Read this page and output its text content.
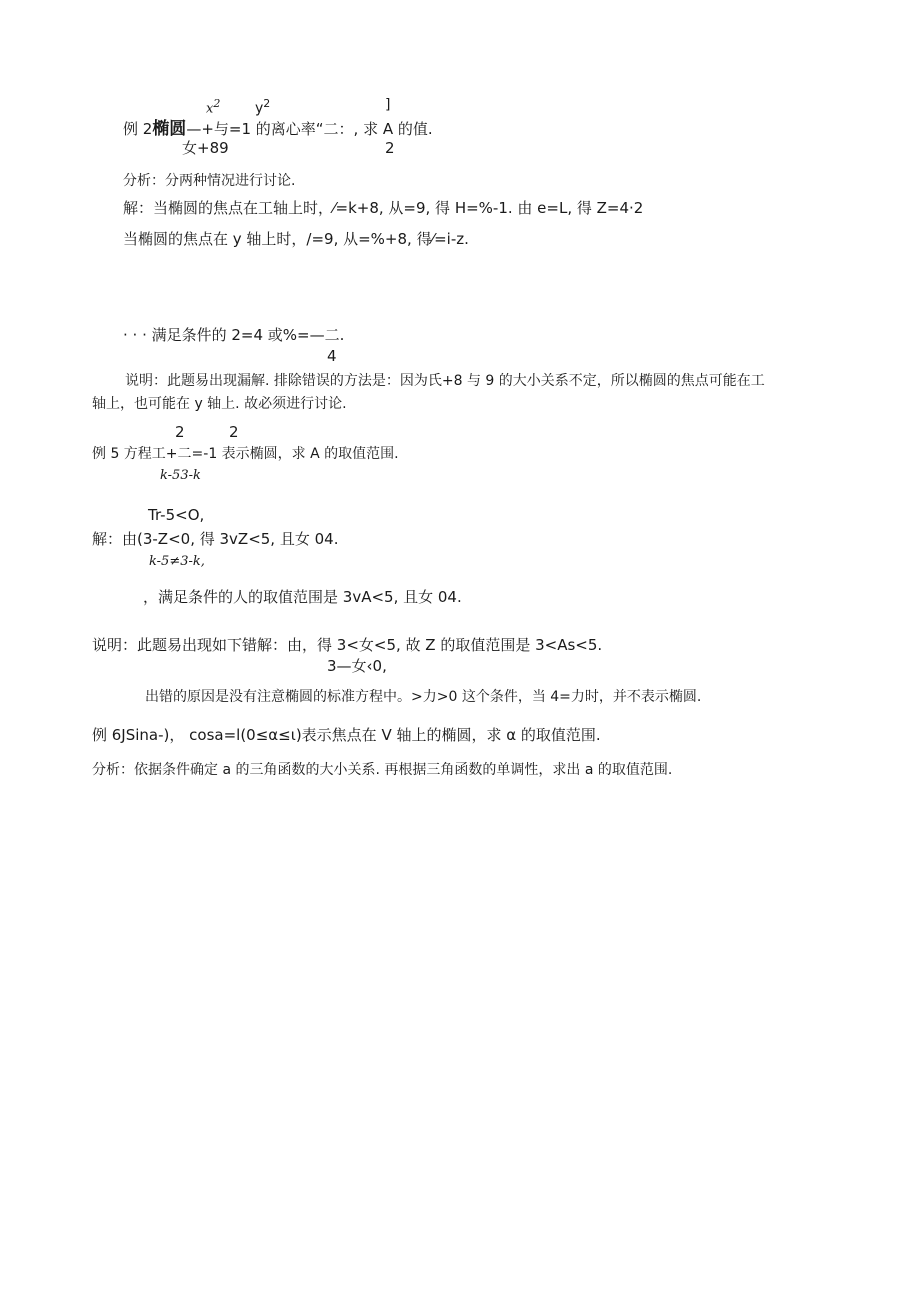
$x^2$ $y^2$	]
例 2椭圆—+与=1 的离心率“二：, 求 A 的值.
女+89	2
分析：分两种情况进行讨论.
解：当椭圆的焦点在工轴上时，⁄=k+8, 从=9, 得 H=%-1. 由 e=L, 得 Z=4·2
当椭圆的焦点在 y 轴上时，/=9, 从=%+8, 得⁄=i-z.
· · · 满足条件的 2=4 或%=—二.
4
说明：此题易出现漏解. 排除错误的方法是：因为氏+8 与 9 的大小关系不定，所以椭圆的焦点可能在工
轴上，也可能在 y 轴上. 故必须进行讨论.
2	2
例 5 方程工+二=-1 表示椭圆，求 A 的取值范围.
k-53-k
Tr-5<O,
解：由(3-Z<0, 得 3vZ<5, 且女 04.
k-5≠3-k,
，满足条件的人的取值范围是 3vA<5, 且女 04.
说明：此题易出现如下错解：由，得 3<女<5, 故 Z 的取值范围是 3<As<5.
3—女‹0,
出错的原因是没有注意椭圆的标准方程中。>力>0 这个条件，当 4=力时，并不表示椭圆.
例 6JSina-)， cosa=l(0≤α≤ι)表示焦点在 V 轴上的椭圆，求 α 的取值范围.
分析：依据条件确定 a 的三角函数的大小关系. 再根据三角函数的单调性，求出 a 的取值范围.
